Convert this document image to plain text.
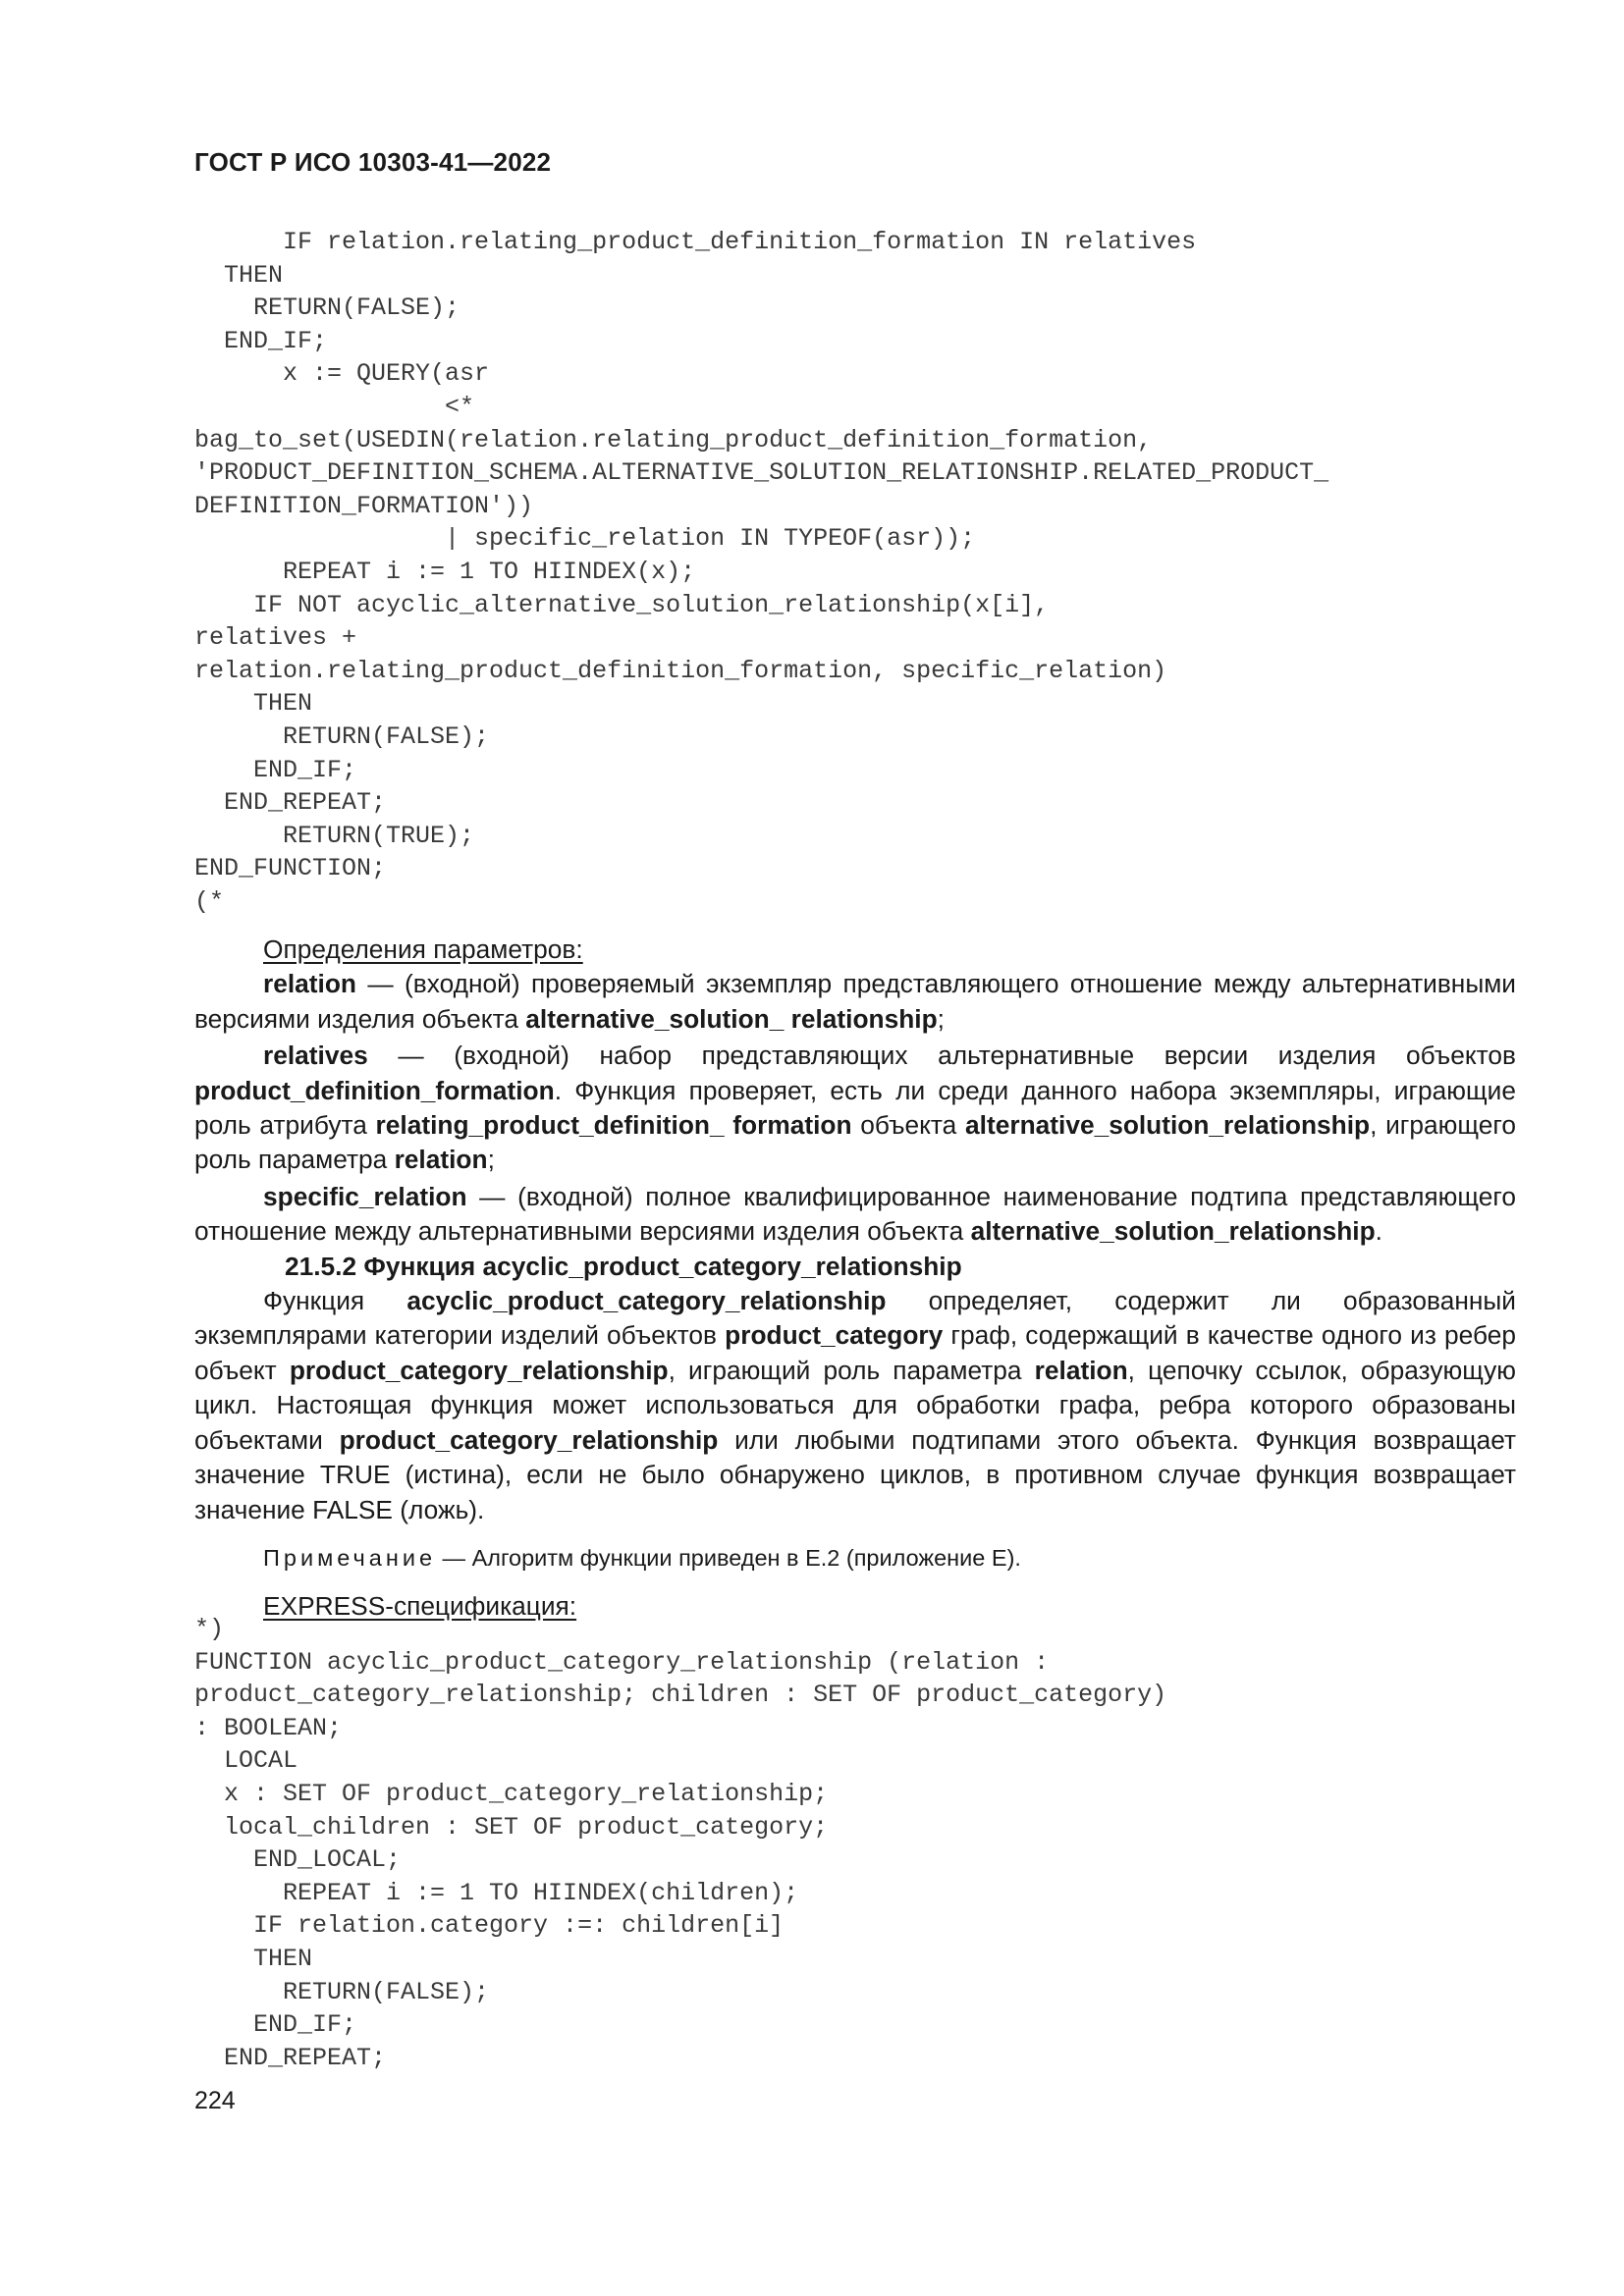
ГОСТ Р ИСО 10303-41—2022
IF relation.relating_product_definition_formation IN relatives
THEN
RETURN(FALSE);
END_IF;
x := QUERY(asr
<*
bag_to_set(USEDIN(relation.relating_product_definition_formation,
'PRODUCT_DEFINITION_SCHEMA.ALTERNATIVE_SOLUTION_RELATIONSHIP.RELATED_PRODUCT_
DEFINITION_FORMATION'))
| specific_relation IN TYPEOF(asr));
REPEAT i := 1 TO HIINDEX(x);
IF NOT acyclic_alternative_solution_relationship(x[i],
relatives +
relation.relating_product_definition_formation, specific_relation)
THEN
RETURN(FALSE);
END_IF;
END_REPEAT;
RETURN(TRUE);
END_FUNCTION;
(*

Определения параметров:

relation — (входной) проверяемый экземпляр представляющего отношение между альтернативными версиями изделия объекта alternative_solution_ relationship;

relatives — (входной) набор представляющих альтернативные версии изделия объектов product_definition_formation. Функция проверяет, есть ли среди данного набора экземпляры, играющие роль атрибута relating_product_definition_ formation объекта alternative_solution_relationship, играющего роль параметра relation;

specific_relation — (входной) полное квалифицированное наименование подтипа представляющего отношение между альтернативными версиями изделия объекта alternative_solution_relationship.

21.5.2 Функция acyclic_product_category_relationship

Функция acyclic_product_category_relationship определяет, содержит ли образованный экземплярами категории изделий объектов product_category граф, содержащий в качестве одного из ребер объект product_category_relationship, играющий роль параметра relation, цепочку ссылок, образующую цикл. Настоящая функция может использоваться для обработки графа, ребра которого образованы объектами product_category_relationship или любыми подтипами этого объекта. Функция возвращает значение TRUE (истина), если не было обнаружено циклов, в противном случае функция возвращает значение FALSE (ложь).

Примечание — Алгоритм функции приведен в Е.2 (приложение Е).

EXPRESS-спецификация:

*)
FUNCTION acyclic_product_category_relationship (relation :
product_category_relationship; children : SET OF product_category)
: BOOLEAN;
LOCAL
x : SET OF product_category_relationship;
local_children : SET OF product_category;
END_LOCAL;
REPEAT i := 1 TO HIINDEX(children);
IF relation.category :=: children[i]
THEN
RETURN(FALSE);
END_IF;
END_REPEAT;
224
